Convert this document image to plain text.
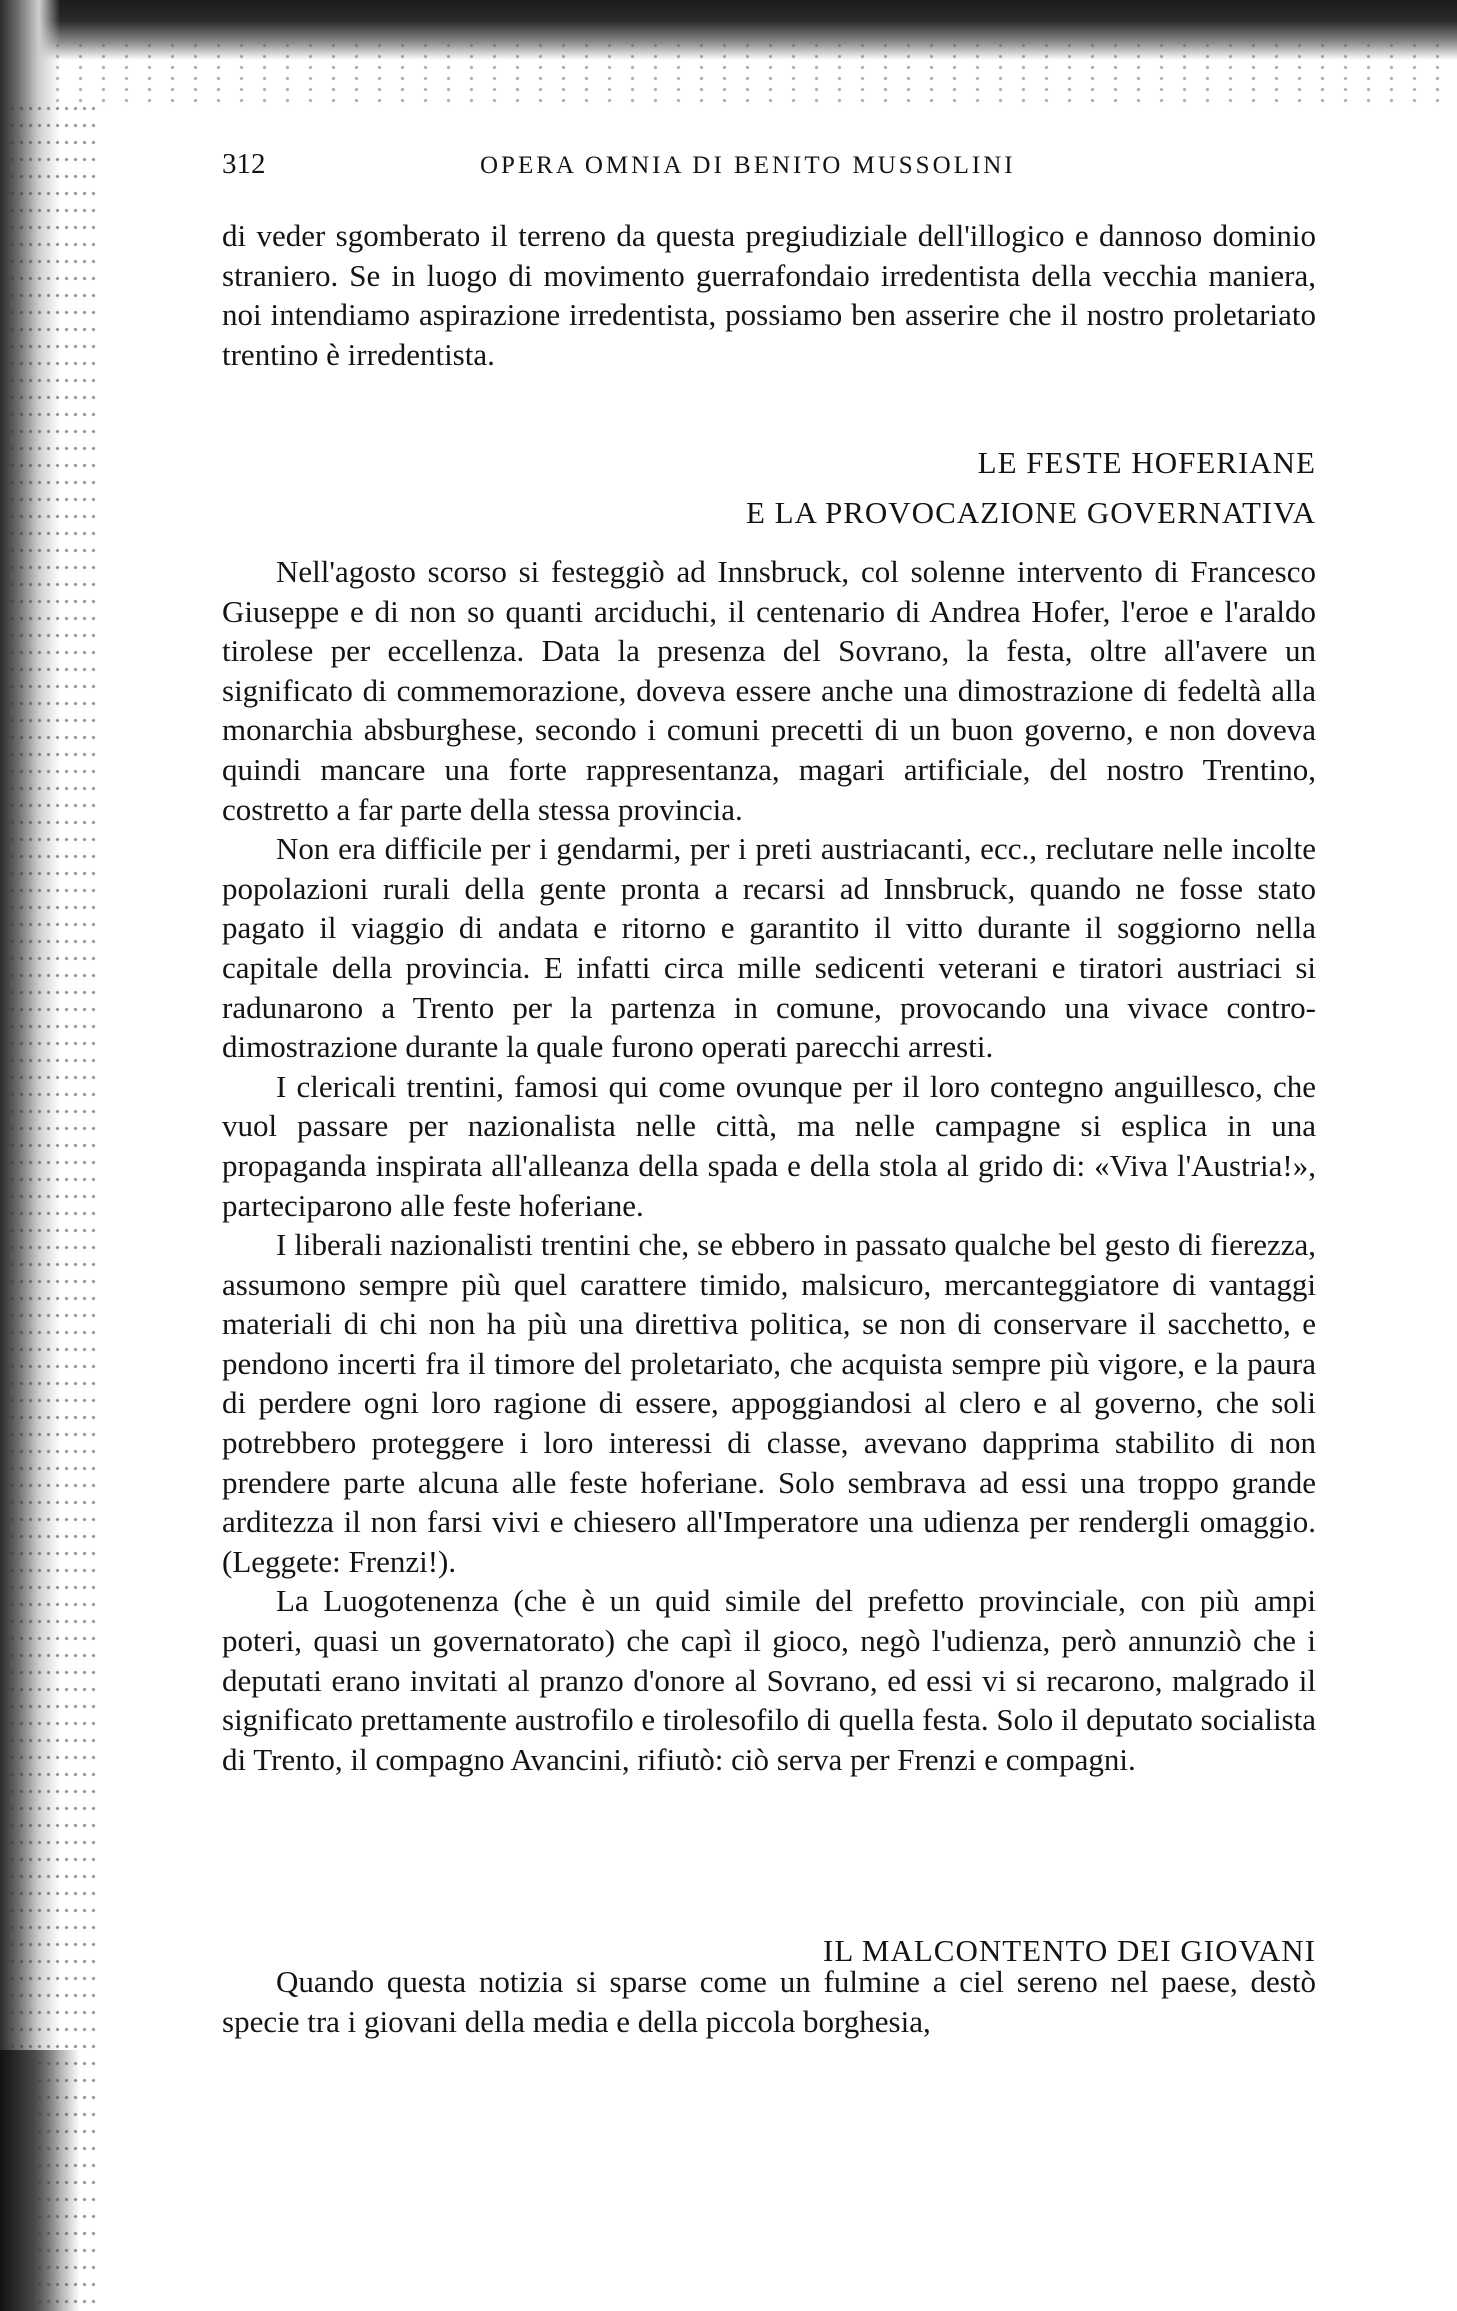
312	OPERA OMNIA DI BENITO MUSSOLINI

di veder sgomberato il terreno da questa pregiudiziale dell'illogico e dannoso dominio straniero. Se in luogo di movimento guerrafondaio irredentista della vecchia maniera, noi intendiamo aspirazione irredentista, possiamo ben asserire che il nostro proletariato trentino è irredentista.

LE FESTE HOFERIANE
E LA PROVOCAZIONE GOVERNATIVA

Nell'agosto scorso si festeggiò ad Innsbruck, col solenne intervento di Francesco Giuseppe e di non so quanti arciduchi, il centenario di Andrea Hofer, l'eroe e l'araldo tirolese per eccellenza. Data la presenza del Sovrano, la festa, oltre all'avere un significato di commemorazione, doveva essere anche una dimostrazione di fedeltà alla monarchia absburghese, secondo i comuni precetti di un buon governo, e non doveva quindi mancare una forte rappresentanza, magari artificiale, del nostro Trentino, costretto a far parte della stessa provincia.

Non era difficile per i gendarmi, per i preti austriacanti, ecc., reclutare nelle incolte popolazioni rurali della gente pronta a recarsi ad Innsbruck, quando ne fosse stato pagato il viaggio di andata e ritorno e garantito il vitto durante il soggiorno nella capitale della provincia. E infatti circa mille sedicenti veterani e tiratori austriaci si radunarono a Trento per la partenza in comune, provocando una vivace contro-dimostrazione durante la quale furono operati parecchi arresti.

I clericali trentini, famosi qui come ovunque per il loro contegno anguillesco, che vuol passare per nazionalista nelle città, ma nelle campagne si esplica in una propaganda inspirata all'alleanza della spada e della stola al grido di: «Viva l'Austria!», parteciparono alle feste hoferiane.

I liberali nazionalisti trentini che, se ebbero in passato qualche bel gesto di fierezza, assumono sempre più quel carattere timido, malsicuro, mercanteggiatore di vantaggi materiali di chi non ha più una direttiva politica, se non di conservare il sacchetto, e pendono incerti fra il timore del proletariato, che acquista sempre più vigore, e la paura di perdere ogni loro ragione di essere, appoggiandosi al clero e al governo, che soli potrebbero proteggere i loro interessi di classe, avevano dapprima stabilito di non prendere parte alcuna alle feste hoferiane. Solo sembrava ad essi una troppo grande arditezza il non farsi vivi e chiesero all'Imperatore una udienza per rendergli omaggio. (Leggete: Frenzi!).

La Luogotenenza (che è un quid simile del prefetto provinciale, con più ampi poteri, quasi un governatorato) che capì il gioco, negò l'udienza, però annunziò che i deputati erano invitati al pranzo d'onore al Sovrano, ed essi vi si recarono, malgrado il significato prettamente austrofilo e tirolesofilo di quella festa. Solo il deputato socialista di Trento, il compagno Avancini, rifiutò: ciò serva per Frenzi e compagni.

IL MALCONTENTO DEI GIOVANI

Quando questa notizia si sparse come un fulmine a ciel sereno nel paese, destò specie tra i giovani della media e della piccola borghesia,
